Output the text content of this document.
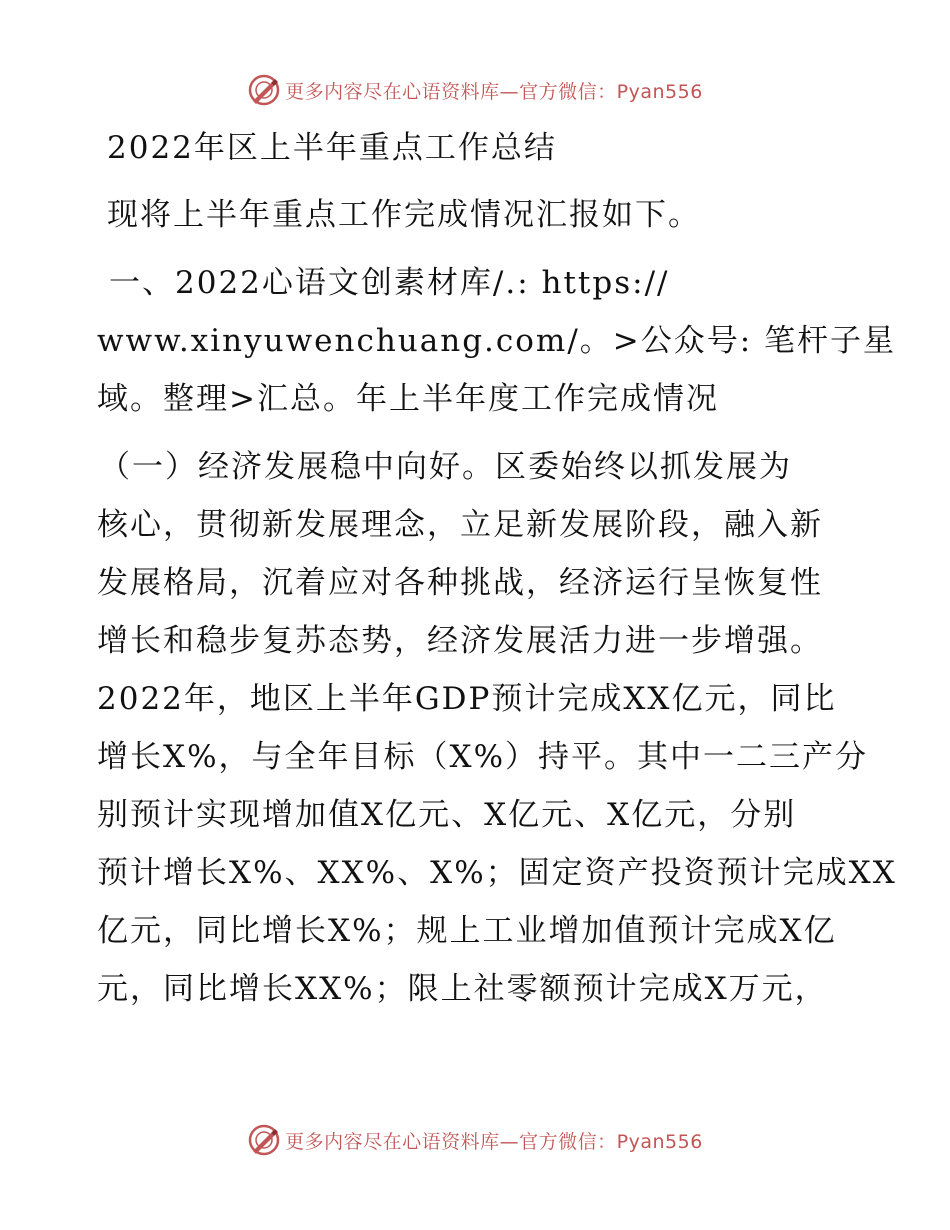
更多内容尽在心语资料库—官方微信：Pyan556
2022年区上半年重点工作总结
现将上半年重点工作完成情况汇报如下。
一、2022心语文创素材库/.: https://
www.xinyuwenchuang.com/。>公众号: 笔杆子星
域。整理>汇总。年上半年度工作完成情况
（一）经济发展稳中向好。区委始终以抓发展为
核心，贯彻新发展理念，立足新发展阶段，融入新
发展格局，沉着应对各种挑战，经济运行呈恢复性
增长和稳步复苏态势，经济发展活力进一步增强。
2022年，地区上半年GDP预计完成XX亿元，同比
增长X%，与全年目标（X%）持平。其中一二三产分
别预计实现增加值X亿元、X亿元、X亿元，分别
预计增长X%、XX%、X%；固定资产投资预计完成XX
亿元，同比增长X%；规上工业增加值预计完成X亿
元，同比增长XX%；限上社零额预计完成X万元，
更多内容尽在心语资料库—官方微信：Pyan556
